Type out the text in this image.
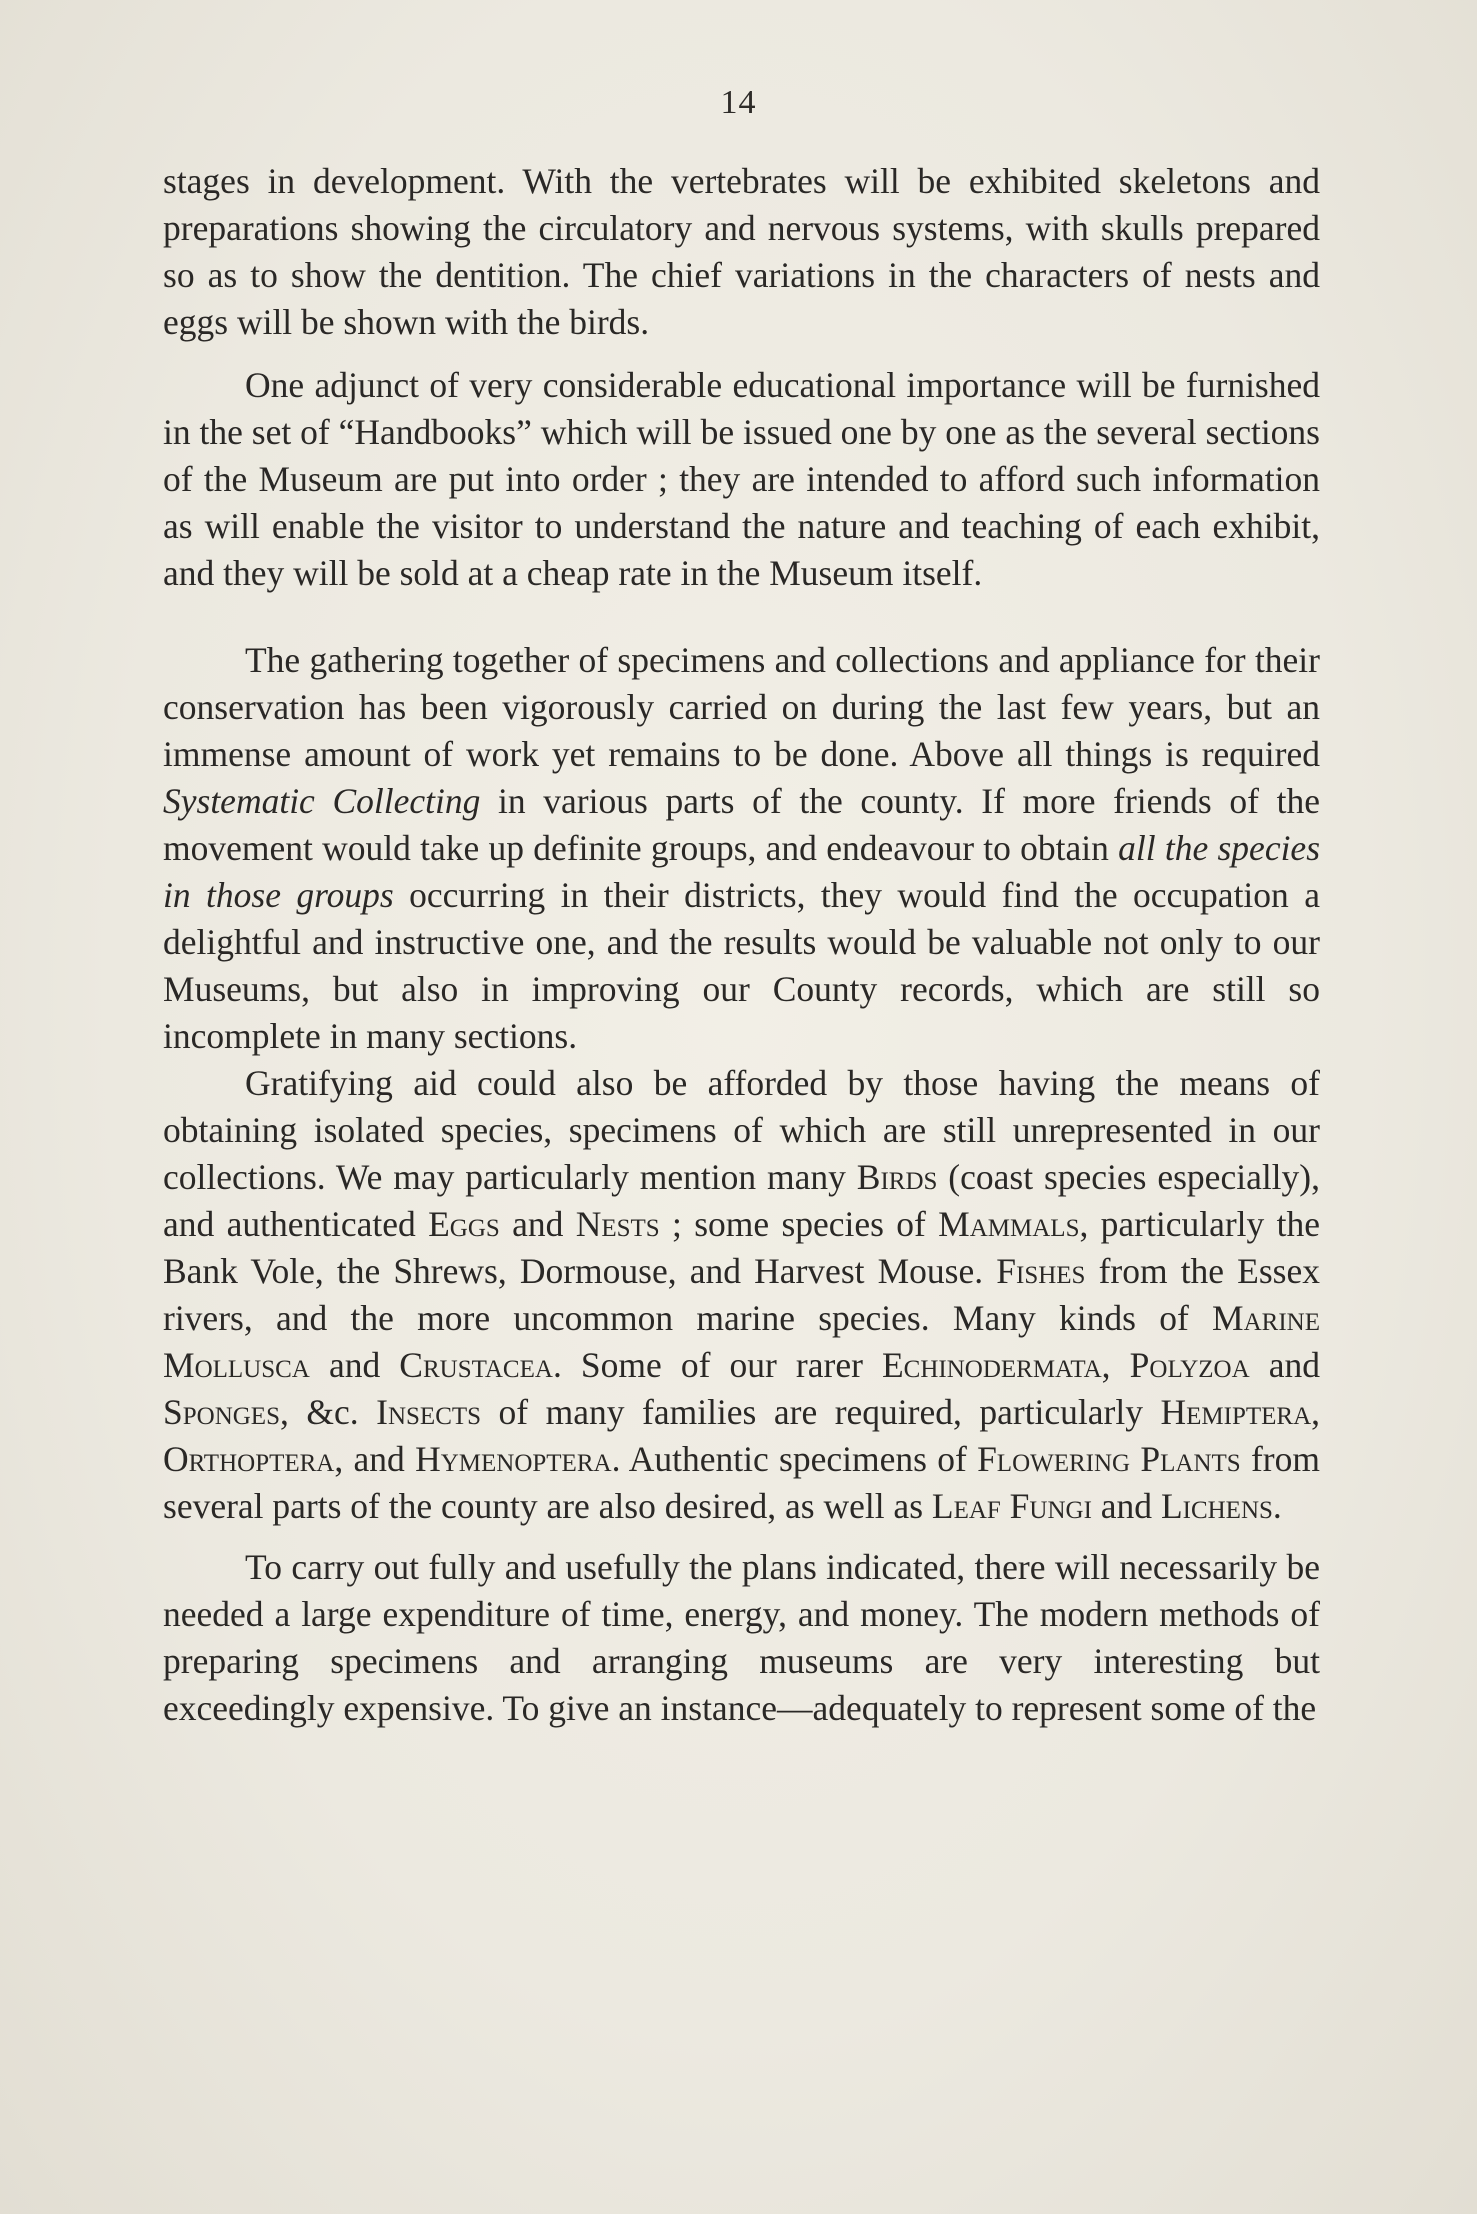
14

stages in development. With the vertebrates will be exhibited skeletons and preparations showing the circulatory and nervous systems, with skulls prepared so as to show the dentition. The chief variations in the characters of nests and eggs will be shown with the birds.

One adjunct of very considerable educational importance will be furnished in the set of “Handbooks” which will be issued one by one as the several sections of the Museum are put into order ; they are intended to afford such information as will enable the visitor to understand the nature and teaching of each exhibit, and they will be sold at a cheap rate in the Museum itself.

The gathering together of specimens and collections and appliance for their conservation has been vigorously carried on during the last few years, but an immense amount of work yet remains to be done. Above all things is required Systematic Collecting in various parts of the county. If more friends of the movement would take up definite groups, and endeavour to obtain all the species in those groups occurring in their districts, they would find the occupation a delightful and instructive one, and the results would be valuable not only to our Museums, but also in improving our County records, which are still so incomplete in many sections.

Gratifying aid could also be afforded by those having the means of obtaining isolated species, specimens of which are still unrepresented in our collections. We may particularly mention many Birds (coast species especially), and authenticated Eggs and Nests ; some species of Mammals, particularly the Bank Vole, the Shrews, Dormouse, and Harvest Mouse. Fishes from the Essex rivers, and the more uncommon marine species. Many kinds of Marine Mollusca and Crustacea. Some of our rarer Echinodermata, Polyzoa and Sponges, &c. Insects of many families are required, particularly Hemiptera, Orthoptera, and Hymenoptera. Authentic specimens of Flowering Plants from several parts of the county are also desired, as well as Leaf Fungi and Lichens.

To carry out fully and usefully the plans indicated, there will necessarily be needed a large expenditure of time, energy, and money. The modern methods of preparing specimens and arranging museums are very interesting but exceedingly expensive. To give an instance—adequately to represent some of the
